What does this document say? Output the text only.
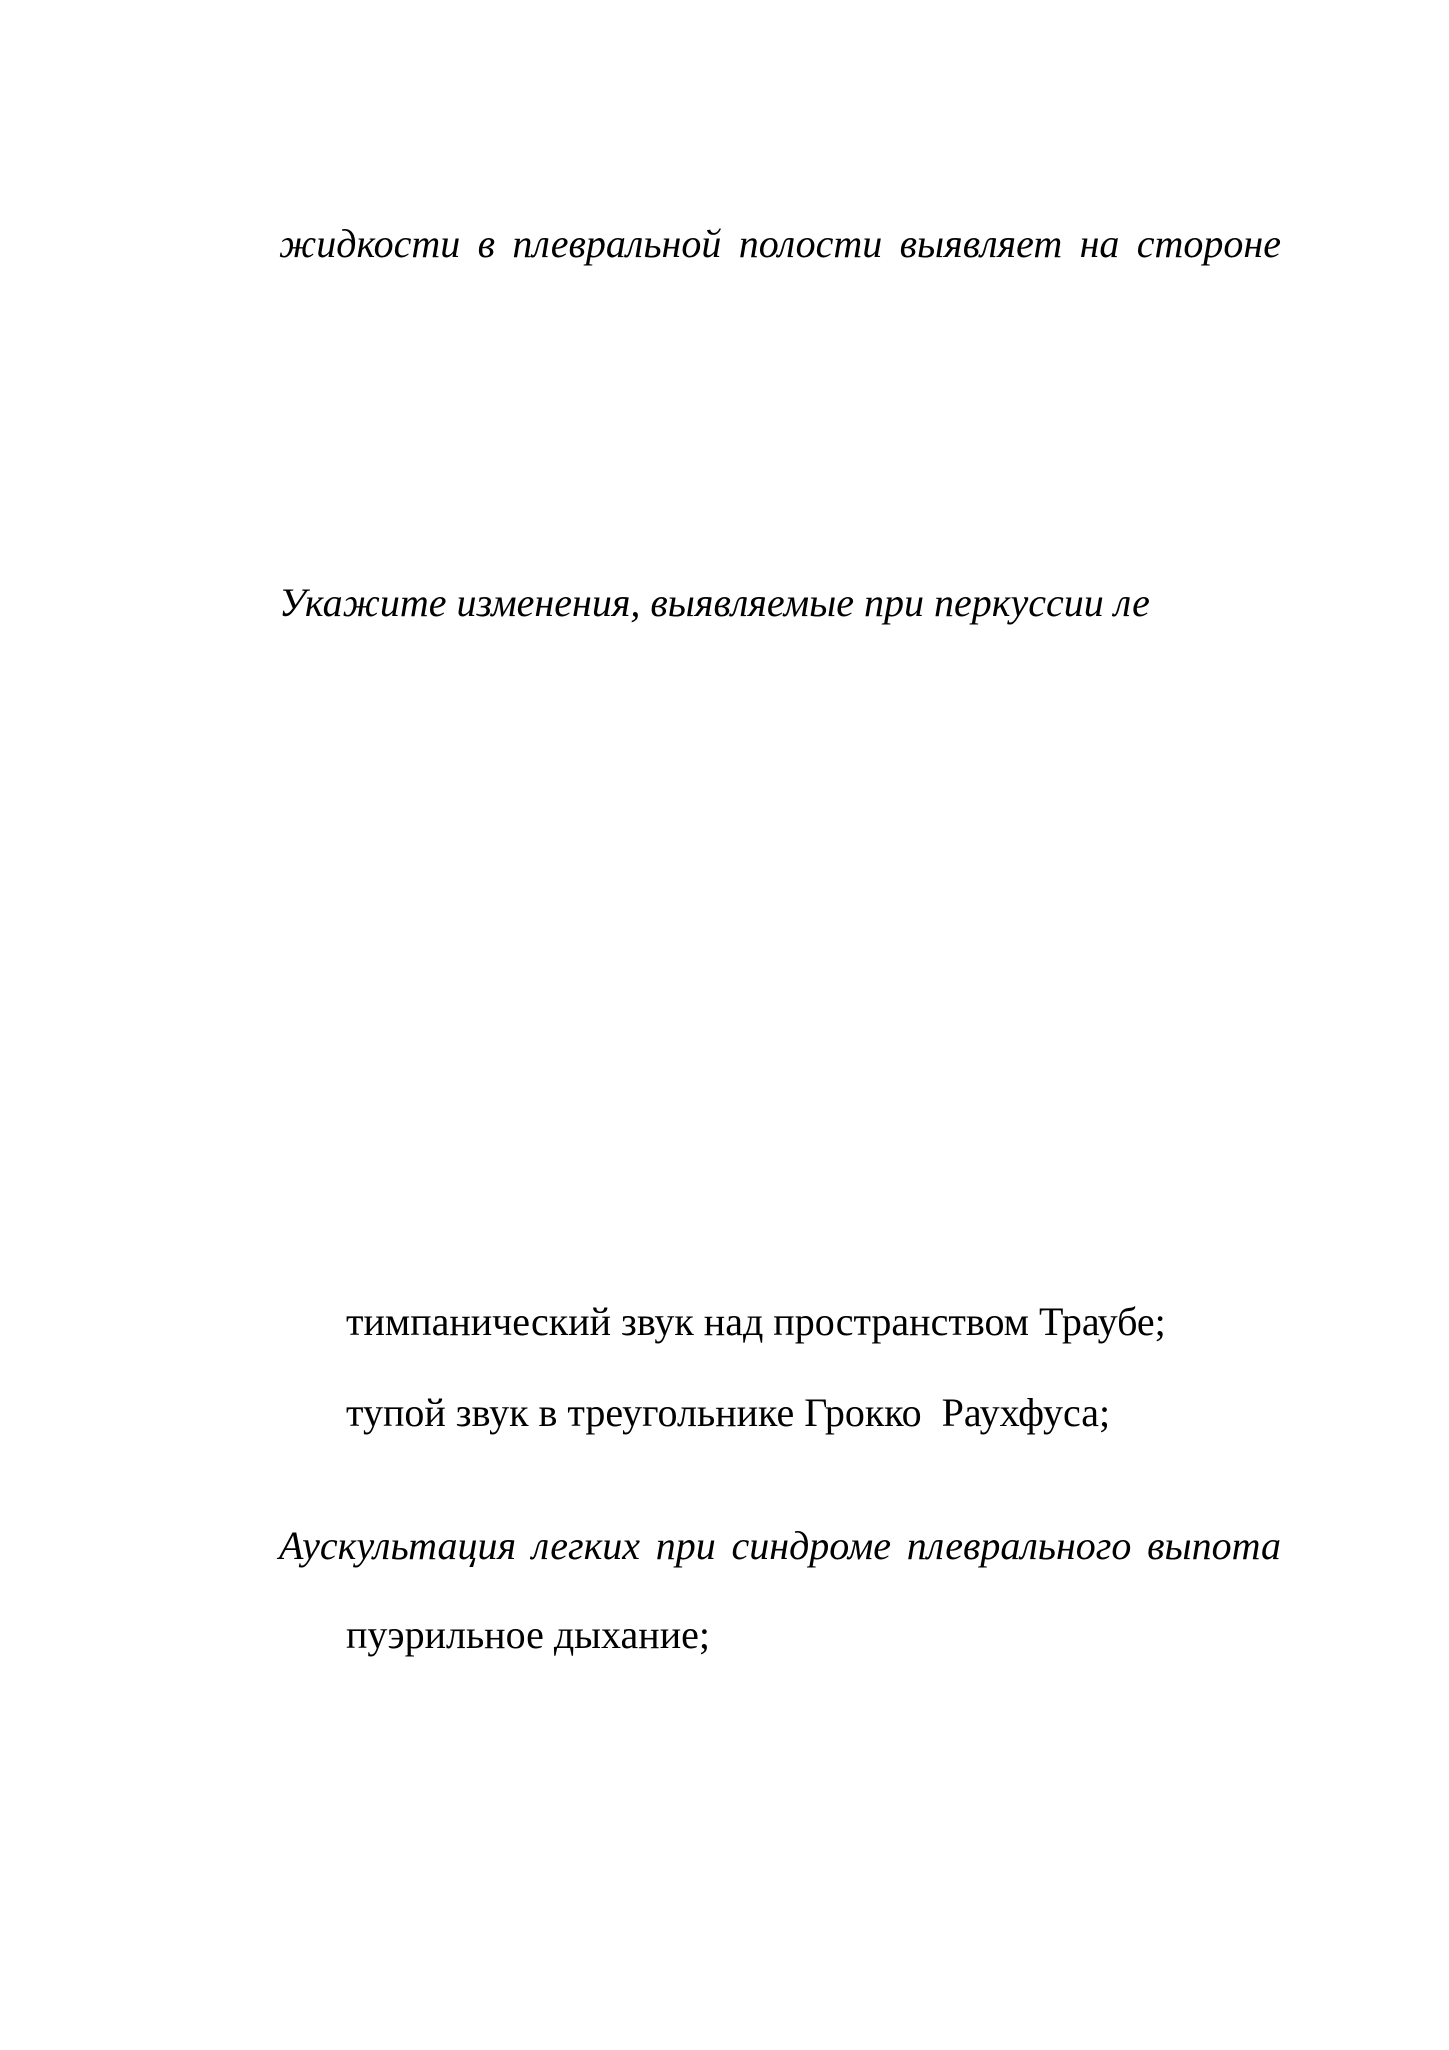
жидкости в плевральной полости выявляет на стороне
Укажите изменения, выявляемые при перкуссии ле
тимпанический звук над пространством Траубе;
тупой звук в треугольнике Грокко  Раухфуса;
Аускультация легких при синдроме плеврального выпота
пуэрильное дыхание;
